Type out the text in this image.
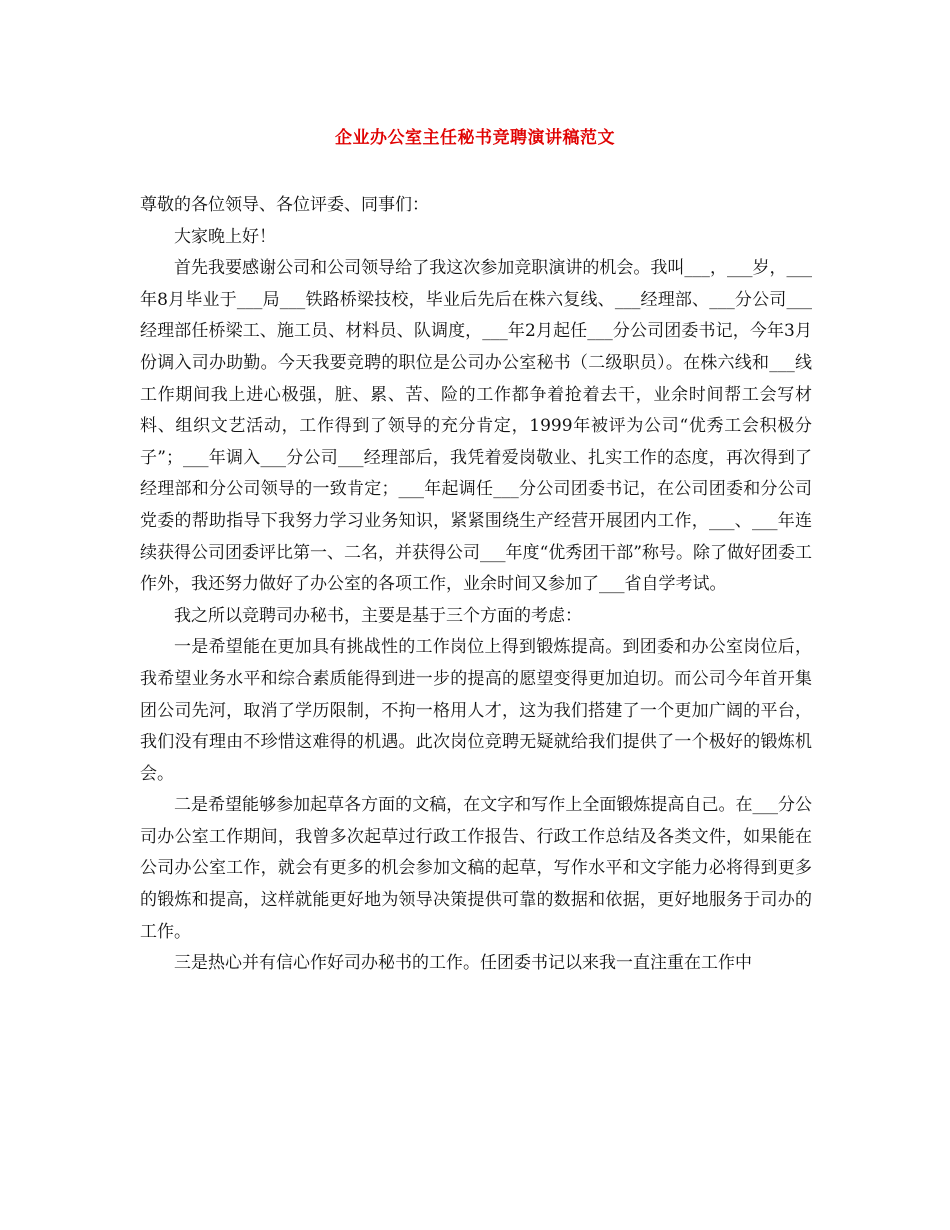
企业办公室主任秘书竞聘演讲稿范文

尊敬的各位领导、各位评委、同事们：

大家晚上好！

首先我要感谢公司和公司领导给了我这次参加竞职演讲的机会。我叫___，___岁，___年8月毕业于___局___铁路桥梁技校，毕业后先后在株六复线、___经理部、___分公司___经理部任桥梁工、施工员、材料员、队调度，___年2月起任___分公司团委书记，今年3月份调入司办助勤。今天我要竞聘的职位是公司办公室秘书（二级职员）。在株六线和___线工作期间我上进心极强，脏、累、苦、险的工作都争着抢着去干，业余时间帮工会写材料、组织文艺活动，工作得到了领导的充分肯定，1999年被评为公司“优秀工会积极分子”；___年调入___分公司___经理部后，我凭着爱岗敬业、扎实工作的态度，再次得到了经理部和分公司领导的一致肯定；___年起调任___分公司团委书记，在公司团委和分公司党委的帮助指导下我努力学习业务知识，紧紧围绕生产经营开展团内工作，___、___年连续获得公司团委评比第一、二名，并获得公司___年度“优秀团干部”称号。除了做好团委工作外，我还努力做好了办公室的各项工作，业余时间又参加了___省自学考试。

我之所以竞聘司办秘书，主要是基于三个方面的考虑：

一是希望能在更加具有挑战性的工作岗位上得到锻炼提高。到团委和办公室岗位后，我希望业务水平和综合素质能得到进一步的提高的愿望变得更加迫切。而公司今年首开集团公司先河，取消了学历限制，不拘一格用人才，这为我们搭建了一个更加广阔的平台，我们没有理由不珍惜这难得的机遇。此次岗位竞聘无疑就给我们提供了一个极好的锻炼机会。

二是希望能够参加起草各方面的文稿，在文字和写作上全面锻炼提高自己。在___分公司办公室工作期间，我曾多次起草过行政工作报告、行政工作总结及各类文件，如果能在公司办公室工作，就会有更多的机会参加文稿的起草，写作水平和文字能力必将得到更多的锻炼和提高，这样就能更好地为领导决策提供可靠的数据和依据，更好地服务于司办的工作。

三是热心并有信心作好司办秘书的工作。任团委书记以来我一直注重在工作中
